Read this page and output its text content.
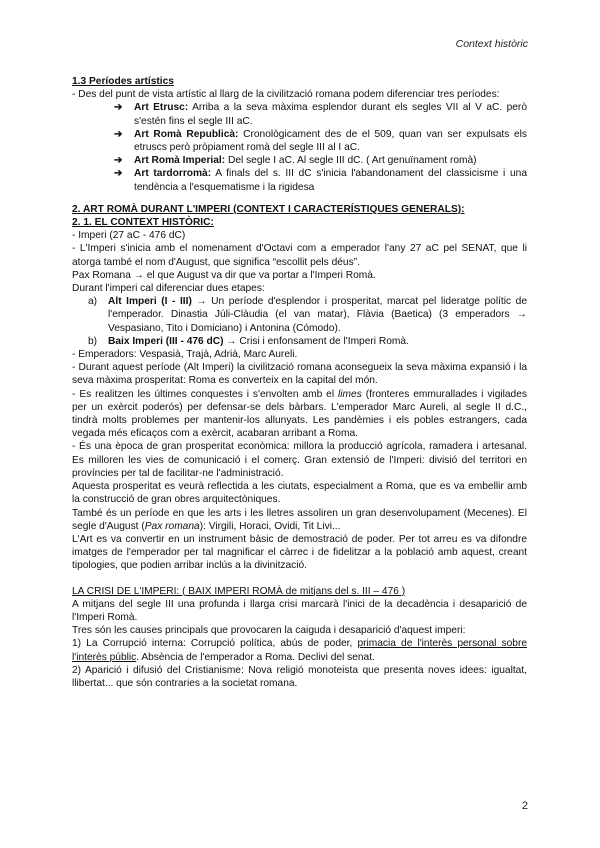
Context històric

1.3 Períodes artístics

- Des del punt de vista artístic al llarg de la civilització romana podem diferenciar tres períodes:

➔	Art Etrusc: Arriba a la seva màxima esplendor durant els segles VII al V aC. però s'estén fins el segle III aC.
➔	Art Romà Republicà: Cronològicament des de el 509, quan van ser expulsats els etruscs però pròpiament romà del segle III al I aC.
➔	Art Romà Imperial: Del segle I aC. Al segle III dC. ( Art genuïnament romà)
➔	Art tardorromà: A finals del s. III dC s'inicia l'abandonament del classicisme i una tendència a l'esquematisme i la rigidesa

2. ART ROMÀ DURANT L'IMPERI (CONTEXT I CARACTERÍSTIQUES GENERALS):

2. 1. EL CONTEXT HISTÒRIC:

- Imperi (27 aC - 476 dC)

- L'Imperi s'inicia amb el nomenament d'Octavi com a emperador l'any 27 aC pel SENAT, que li atorga també el nom d'August, que significa “escollit pels déus”.

Pax Romana → el que August va dir que va portar a l'Imperi Romà.

Durant l'imperi cal diferenciar dues etapes:

a)	Alt Imperi (I - III) → Un període d'esplendor i prosperitat, marcat pel lideratge polític de l'emperador. Dinastia Júli-Clàudia (el van matar), Flàvia (Baetica) (3 emperadors → Vespasiano, Tito i Domiciano) i Antonina (Cómodo).
b)	Baix Imperi (III - 476 dC) → Crisi i enfonsament de l'Imperi Romà.

- Emperadors: Vespasià, Trajà, Adrià, Marc Aureli.

- Durant aquest període (Alt Imperi) la civilització romana aconsegueix la seva màxima expansió i la seva màxima prosperitat: Roma es converteix en la capital del món.

- Es realitzen les últimes conquestes i s'envolten amb el limes (fronteres emmurallades i vigilades per un exèrcit poderós) per defensar-se dels bàrbars. L'emperador Marc Aureli, al segle II d.C., tindrà molts problemes per mantenir-los allunyats. Les pandèmies i els pobles estrangers, cada vegada més eficaços com a exèrcit, acabaran arribant a Roma.

- És una època de gran prosperitat econòmica: millora la producció agrícola, ramadera i artesanal. Es milloren les vies de comunicació i el comerç. Gran extensió de l'Imperi: divisió del territori en províncies per tal de facilitar-ne l'administració.

Aquesta prosperitat es veurà reflectida a les ciutats, especialment a Roma, que es va embellir amb la construcció de gran obres arquitectòniques.

També és un període en que les arts i les lletres assoliren un gran desenvolupament (Mecenes). El segle d'August (Pax romana): Virgili, Horaci, Ovidi, Tit Livi...

L'Art es va convertir en un instrument bàsic de demostració de poder. Per tot arreu es va difondre imatges de l'emperador per tal magnificar el càrrec i de fidelitzar a la població amb aquest, creant tipologies, que podien arribar inclús a la divinització.

LA CRISI DE L'IMPERI: ( BAIX IMPERI ROMÀ de mitjans del s. III – 476 )

A mitjans del segle III una profunda i llarga crisi marcarà l'inici de la decadència i desaparició de l'Imperi Romà.

Tres són les causes principals que provocaren la caiguda i desaparició d'aquest imperi:

1) La Corrupció interna: Corrupció política, abús de poder, primacia de l'interès personal sobre l'interès públic. Absència de l'emperador a Roma. Declivi del senat.

2) Aparició i difusió del Cristianisme: Nova religió monoteista que presenta noves idees: igualtat, llibertat... que són contraries a la societat romana.

2
